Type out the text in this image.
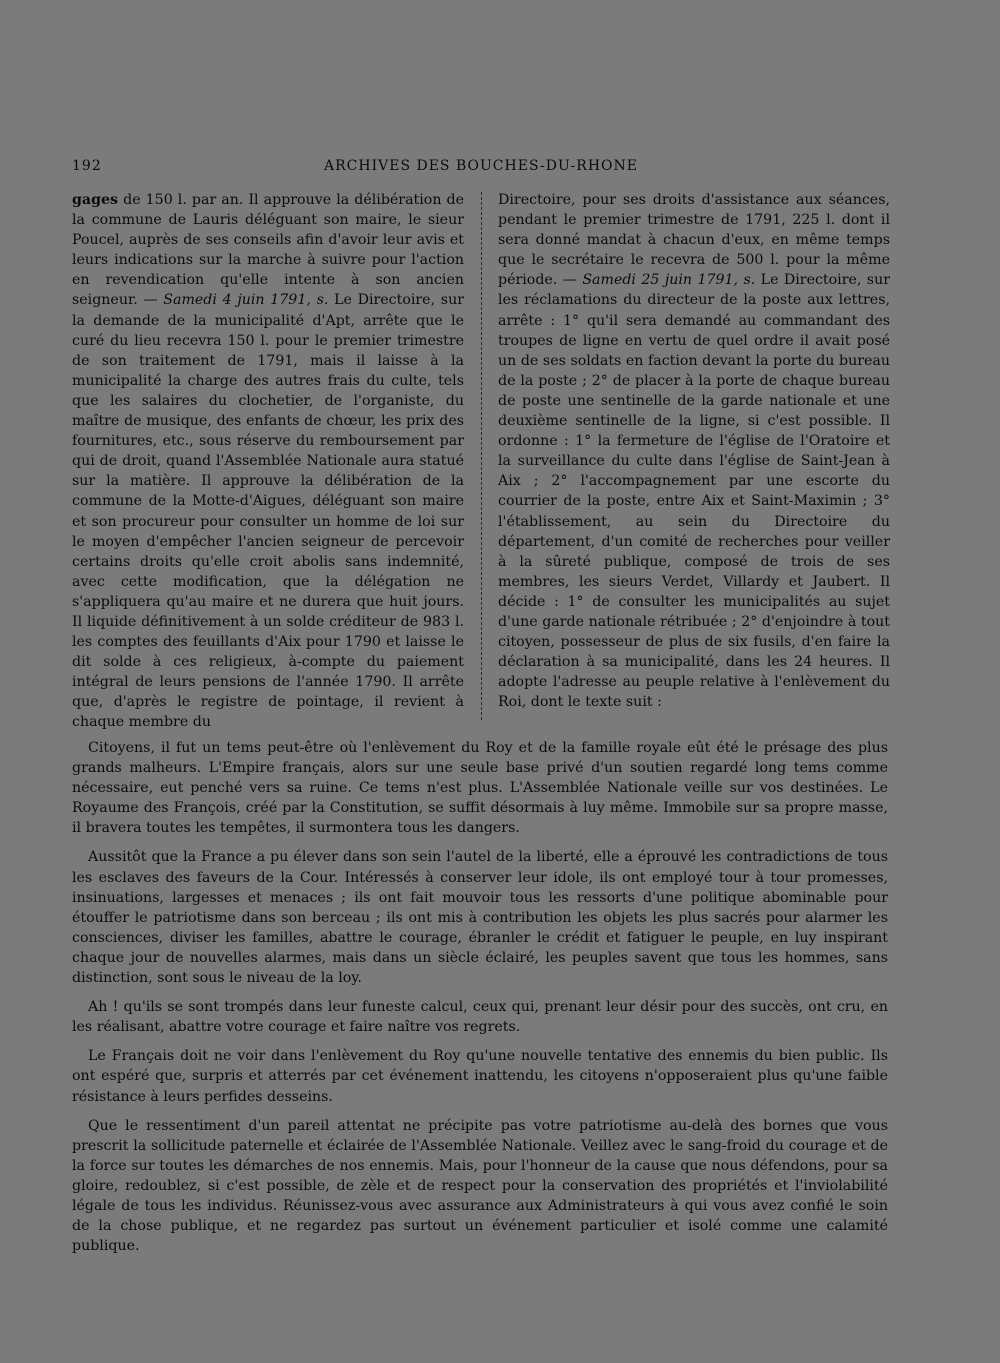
192	ARCHIVES DES BOUCHES-DU-RHONE

gages de 150 l. par an. Il approuve la délibération de la commune de Lauris déléguant son maire, le sieur Poucel, auprès de ses conseils afin d'avoir leur avis et leurs indications sur la marche à suivre pour l'action en revendication qu'elle intente à son ancien seigneur. — Samedi 4 juin 1791, s. Le Directoire, sur la demande de la municipalité d'Apt, arrête que le curé du lieu recevra 150 l. pour le premier trimestre de son traitement de 1791, mais il laisse à la municipalité la charge des autres frais du culte, tels que les salaires du clochetier, de l'organiste, du maître de musique, des enfants de chœur, les prix des fournitures, etc., sous réserve du remboursement par qui de droit, quand l'Assemblée Nationale aura statué sur la matière. Il approuve la délibération de la commune de la Motte-d'Aigues, déléguant son maire et son procureur pour consulter un homme de loi sur le moyen d'empêcher l'ancien seigneur de percevoir certains droits qu'elle croit abolis sans indemnité, avec cette modification, que la délégation ne s'appliquera qu'au maire et ne durera que huit jours. Il liquide définitivement à un solde créditeur de 983 l. les comptes des feuillants d'Aix pour 1790 et laisse le dit solde à ces religieux, à-compte du paiement intégral de leurs pensions de l'année 1790. Il arrête que, d'après le registre de pointage, il revient à chaque membre du

Directoire, pour ses droits d'assistance aux séances, pendant le premier trimestre de 1791, 225 l. dont il sera donné mandat à chacun d'eux, en même temps que le secrétaire le recevra de 500 l. pour la même période. — Samedi 25 juin 1791, s. Le Directoire, sur les réclamations du directeur de la poste aux lettres, arrête : 1° qu'il sera demandé au commandant des troupes de ligne en vertu de quel ordre il avait posé un de ses soldats en faction devant la porte du bureau de la poste ; 2° de placer à la porte de chaque bureau de poste une sentinelle de la garde nationale et une deuxième sentinelle de la ligne, si c'est possible. Il ordonne : 1° la fermeture de l'église de l'Oratoire et la surveillance du culte dans l'église de Saint-Jean à Aix ; 2° l'accompagnement par une escorte du courrier de la poste, entre Aix et Saint-Maximin ; 3° l'établissement, au sein du Directoire du département, d'un comité de recherches pour veiller à la sûreté publique, composé de trois de ses membres, les sieurs Verdet, Villardy et Jaubert. Il décide : 1° de consulter les municipalités au sujet d'une garde nationale rétribuée ; 2° d'enjoindre à tout citoyen, possesseur de plus de six fusils, d'en faire la déclaration à sa municipalité, dans les 24 heures. Il adopte l'adresse au peuple relative à l'enlèvement du Roi, dont le texte suit :

Citoyens, il fut un tems peut-être où l'enlèvement du Roy et de la famille royale eût été le présage des plus grands malheurs. L'Empire français, alors sur une seule base privé d'un soutien regardé long tems comme nécessaire, eut penché vers sa ruine. Ce tems n'est plus. L'Assemblée Nationale veille sur vos destinées. Le Royaume des François, créé par la Constitution, se suffit désormais à luy même. Immobile sur sa propre masse, il bravera toutes les tempêtes, il surmontera tous les dangers.

Aussitôt que la France a pu élever dans son sein l'autel de la liberté, elle a éprouvé les contradictions de tous les esclaves des faveurs de la Cour. Intéressés à conserver leur idole, ils ont employé tour à tour promesses, insinuations, largesses et menaces ; ils ont fait mouvoir tous les ressorts d'une politique abominable pour étouffer le patriotisme dans son berceau ; ils ont mis à contribution les objets les plus sacrés pour alarmer les consciences, diviser les familles, abattre le courage, ébranler le crédit et fatiguer le peuple, en luy inspirant chaque jour de nouvelles alarmes, mais dans un siècle éclairé, les peuples savent que tous les hommes, sans distinction, sont sous le niveau de la loy.

Ah ! qu'ils se sont trompés dans leur funeste calcul, ceux qui, prenant leur désir pour des succès, ont cru, en les réalisant, abattre votre courage et faire naître vos regrets.

Le Français doit ne voir dans l'enlèvement du Roy qu'une nouvelle tentative des ennemis du bien public. Ils ont espéré que, surpris et atterrés par cet événement inattendu, les citoyens n'opposeraient plus qu'une faible résistance à leurs perfides desseins.

Que le ressentiment d'un pareil attentat ne précipite pas votre patriotisme au-delà des bornes que vous prescrit la sollicitude paternelle et éclairée de l'Assemblée Nationale. Veillez avec le sang-froid du courage et de la force sur toutes les démarches de nos ennemis. Mais, pour l'honneur de la cause que nous défendons, pour sa gloire, redoublez, si c'est possible, de zèle et de respect pour la conservation des propriétés et l'inviolabilité légale de tous les individus. Réunissez-vous avec assurance aux Administrateurs à qui vous avez confié le soin de la chose publique, et ne regardez pas surtout un événement particulier et isolé comme une calamité publique.
